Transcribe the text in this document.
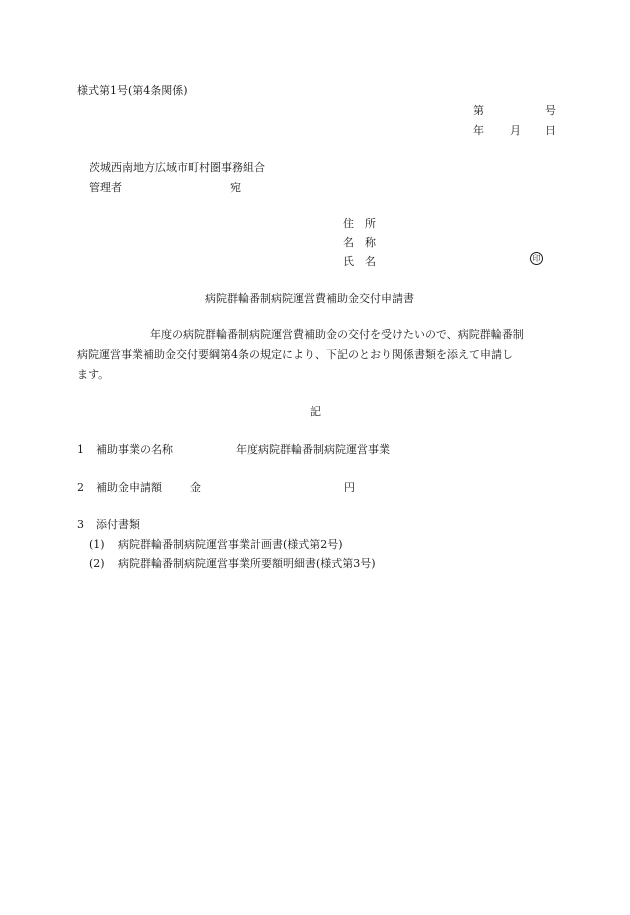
様式第1号(第4条関係)
第	号
年 月 日
茨城西南地方広域市町村圏事務組合
管理者	宛
住　所
名　称
氏　名	印
病院群輪番制病院運営費補助金交付申請書
年度の病院群輪番制病院運営費補助金の交付を受けたいので、病院群輪番制
病院運営事業補助金交付要綱第4条の規定により、下記のとおり関係書類を添えて申請し
ます。
記
1 補助事業の名称	年度病院群輪番制病院運営事業
2 補助金申請額	金	円
3 添付書類
(1) 病院群輪番制病院運営事業計画書(様式第2号)
(2) 病院群輪番制病院運営事業所要額明細書(様式第3号)
